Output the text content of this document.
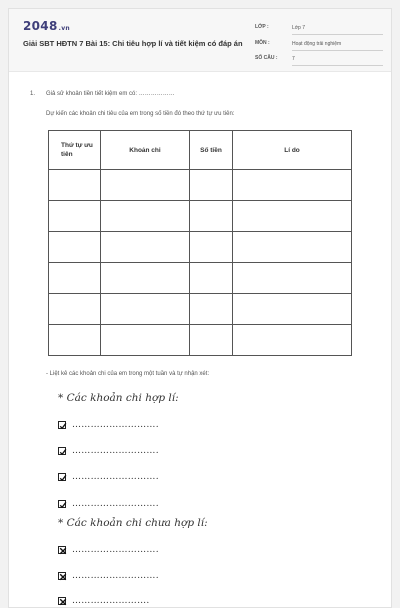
2048.vn
Giải SBT HĐTN 7 Bài 15: Chi tiêu hợp lí và tiết kiệm có đáp án
LỚP :	Lớp 7
MÔN :	Hoạt động trải nghiệm
SỐ CÂU :	7
1. Giả sử khoản tiền tiết kiệm em có: ………………
Dự kiến các khoản chi tiêu của em trong số tiền đó theo thứ tự ưu tiên:
Thứ tự ưu tiên	Khoản chi	Số tiền	Lí do

- Liệt kê các khoản chi của em trong một tuần và tự nhận xét:
* Các khoản chi hợp lí:
……………………….
……………………….
……………………….
……………………….
* Các khoản chi chưa hợp lí:
……………………….
……………………….
…………………….
